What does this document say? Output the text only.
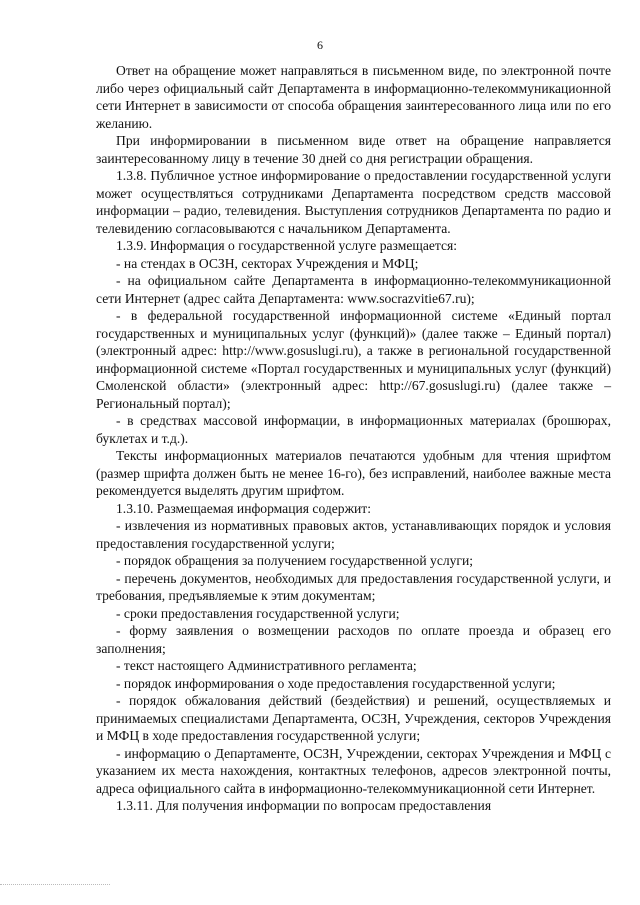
6

Ответ на обращение может направляться в письменном виде, по электронной почте либо через официальный сайт Департамента в информационно-телекоммуникационной сети Интернет в зависимости от способа обращения заинтересованного лица или по его желанию.

При информировании в письменном виде ответ на обращение направляется заинтересованному лицу в течение 30 дней со дня регистрации обращения.

1.3.8. Публичное устное информирование о предоставлении государственной услуги может осуществляться сотрудниками Департамента посредством средств массовой информации – радио, телевидения. Выступления сотрудников Департамента по радио и телевидению согласовываются с начальником Департамента.

1.3.9. Информация о государственной услуге размещается:

- на стендах в ОСЗН, секторах Учреждения и МФЦ;

- на официальном сайте Департамента в информационно-телекоммуникационной сети Интернет (адрес сайта Департамента: www.socrazvitie67.ru);

- в федеральной государственной информационной системе «Единый портал государственных и муниципальных услуг (функций)» (далее также – Единый портал) (электронный адрес: http://www.gosuslugi.ru), а также в региональной государственной информационной системе «Портал государственных и муниципальных услуг (функций) Смоленской области» (электронный адрес: http://67.gosuslugi.ru) (далее также – Региональный портал);

- в средствах массовой информации, в информационных материалах (брошюрах, буклетах и т.д.).

Тексты информационных материалов печатаются удобным для чтения шрифтом (размер шрифта должен быть не менее 16-го), без исправлений, наиболее важные места рекомендуется выделять другим шрифтом.

1.3.10. Размещаемая информация содержит:

- извлечения из нормативных правовых актов, устанавливающих порядок и условия предоставления государственной услуги;

- порядок обращения за получением государственной услуги;

- перечень документов, необходимых для предоставления государственной услуги, и требования, предъявляемые к этим документам;

- сроки предоставления государственной услуги;

- форму заявления о возмещении расходов по оплате проезда и образец его заполнения;

- текст настоящего Административного регламента;

- порядок информирования о ходе предоставления государственной услуги;

- порядок обжалования действий (бездействия) и решений, осуществляемых и принимаемых специалистами Департамента, ОСЗН, Учреждения, секторов Учреждения и МФЦ в ходе предоставления государственной услуги;

- информацию о Департаменте, ОСЗН, Учреждении, секторах Учреждения и МФЦ с указанием их места нахождения, контактных телефонов, адресов электронной почты, адреса официального сайта в информационно-телекоммуникационной сети Интернет.

1.3.11. Для получения информации по вопросам предоставления
